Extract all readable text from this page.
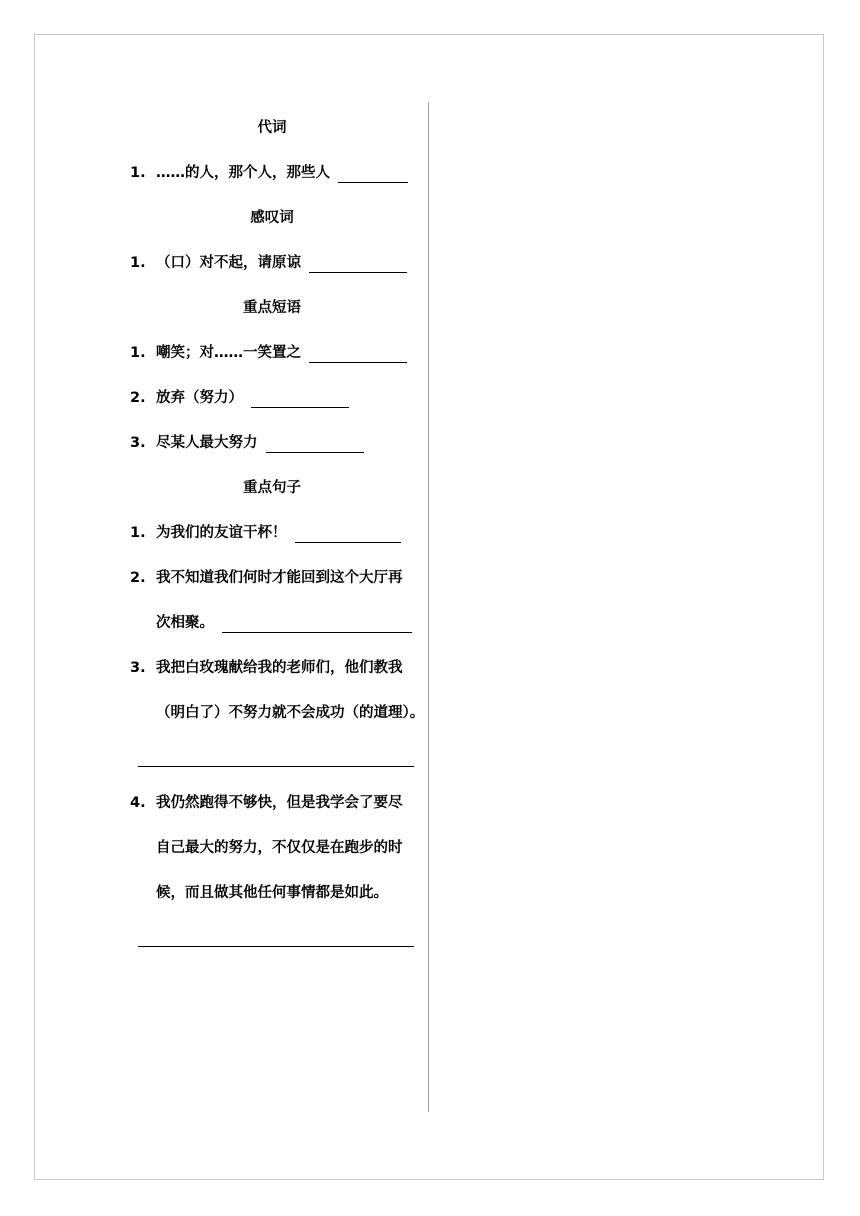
代词
1. ……的人，那个人，那些人
感叹词
1. （口）对不起，请原谅
重点短语
1. 嘲笑；对……一笑置之
2. 放弃（努力）
3. 尽某人最大努力
重点句子
1. 为我们的友谊干杯！
2. 我不知道我们何时才能回到这个大厅再
次相聚。
3. 我把白玫瑰献给我的老师们，他们教我
（明白了）不努力就不会成功（的道理）。
4. 我仍然跑得不够快，但是我学会了要尽
自己最大的努力，不仅仅是在跑步的时
候，而且做其他任何事情都是如此。
